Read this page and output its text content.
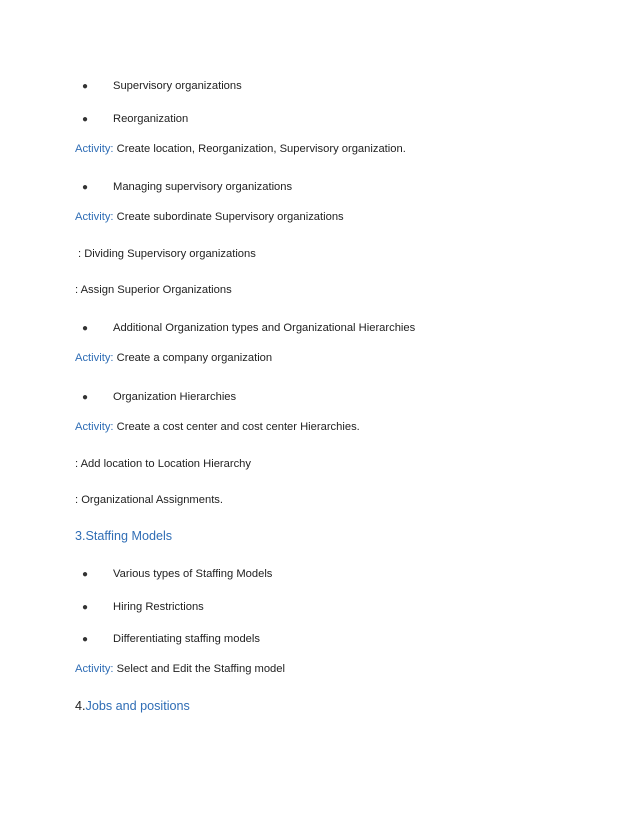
● Supervisory organizations
● Reorganization
Activity: Create location, Reorganization, Supervisory organization.
● Managing supervisory organizations
Activity: Create subordinate Supervisory organizations
: Dividing Supervisory organizations
: Assign Superior Organizations
● Additional Organization types and Organizational Hierarchies
Activity: Create a company organization
● Organization Hierarchies
Activity: Create a cost center and cost center Hierarchies.
: Add location to Location Hierarchy
: Organizational Assignments.
3.Staffing Models
● Various types of Staffing Models
● Hiring Restrictions
● Differentiating staffing models
Activity: Select and Edit the Staffing model
4.Jobs and positions
